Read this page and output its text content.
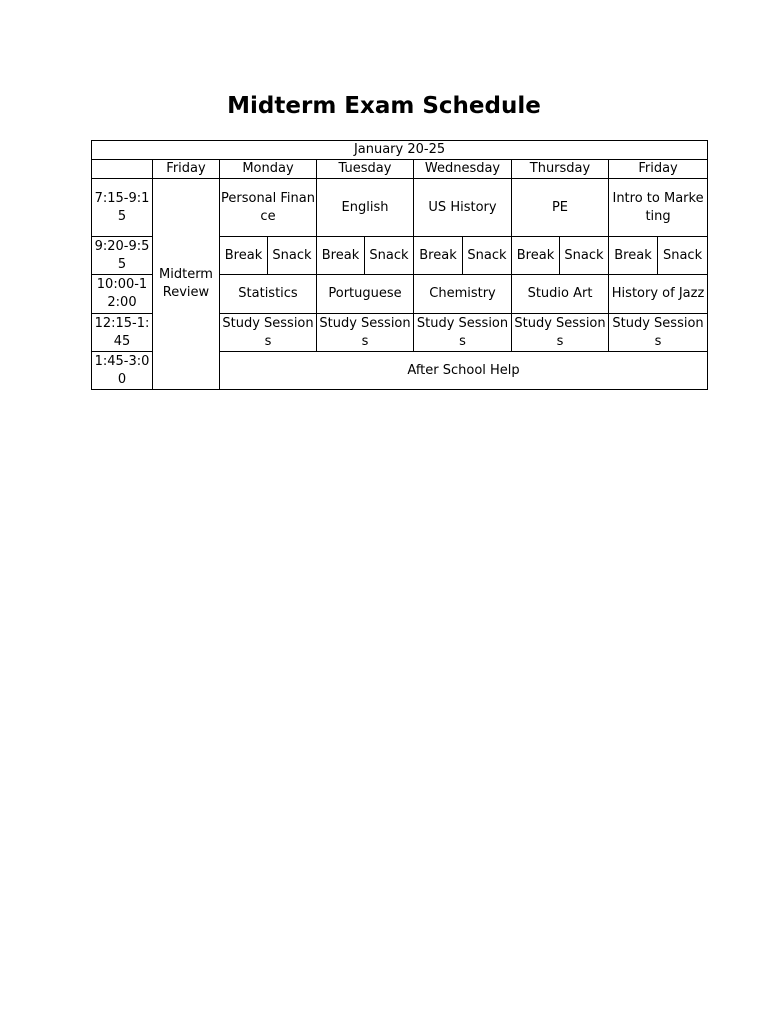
Midterm Exam Schedule
January 20-25											
	Friday	Monday		Tuesday		Wednesday		Thursday		Friday	
7:15-9:15	Midterm Review	Personal Finance		English		US History		PE		Intro to Marketing	
9:20-9:55		Break	Snack	Break	Snack	Break	Snack	Break	Snack	Break	Snack
10:00-12:00		Statistics		Portuguese		Chemistry		Studio Art		History of Jazz	
12:15-1:45		Study Sessions		Study Sessions		Study Sessions		Study Sessions		Study Sessions	
1:45-3:00		After School Help									
